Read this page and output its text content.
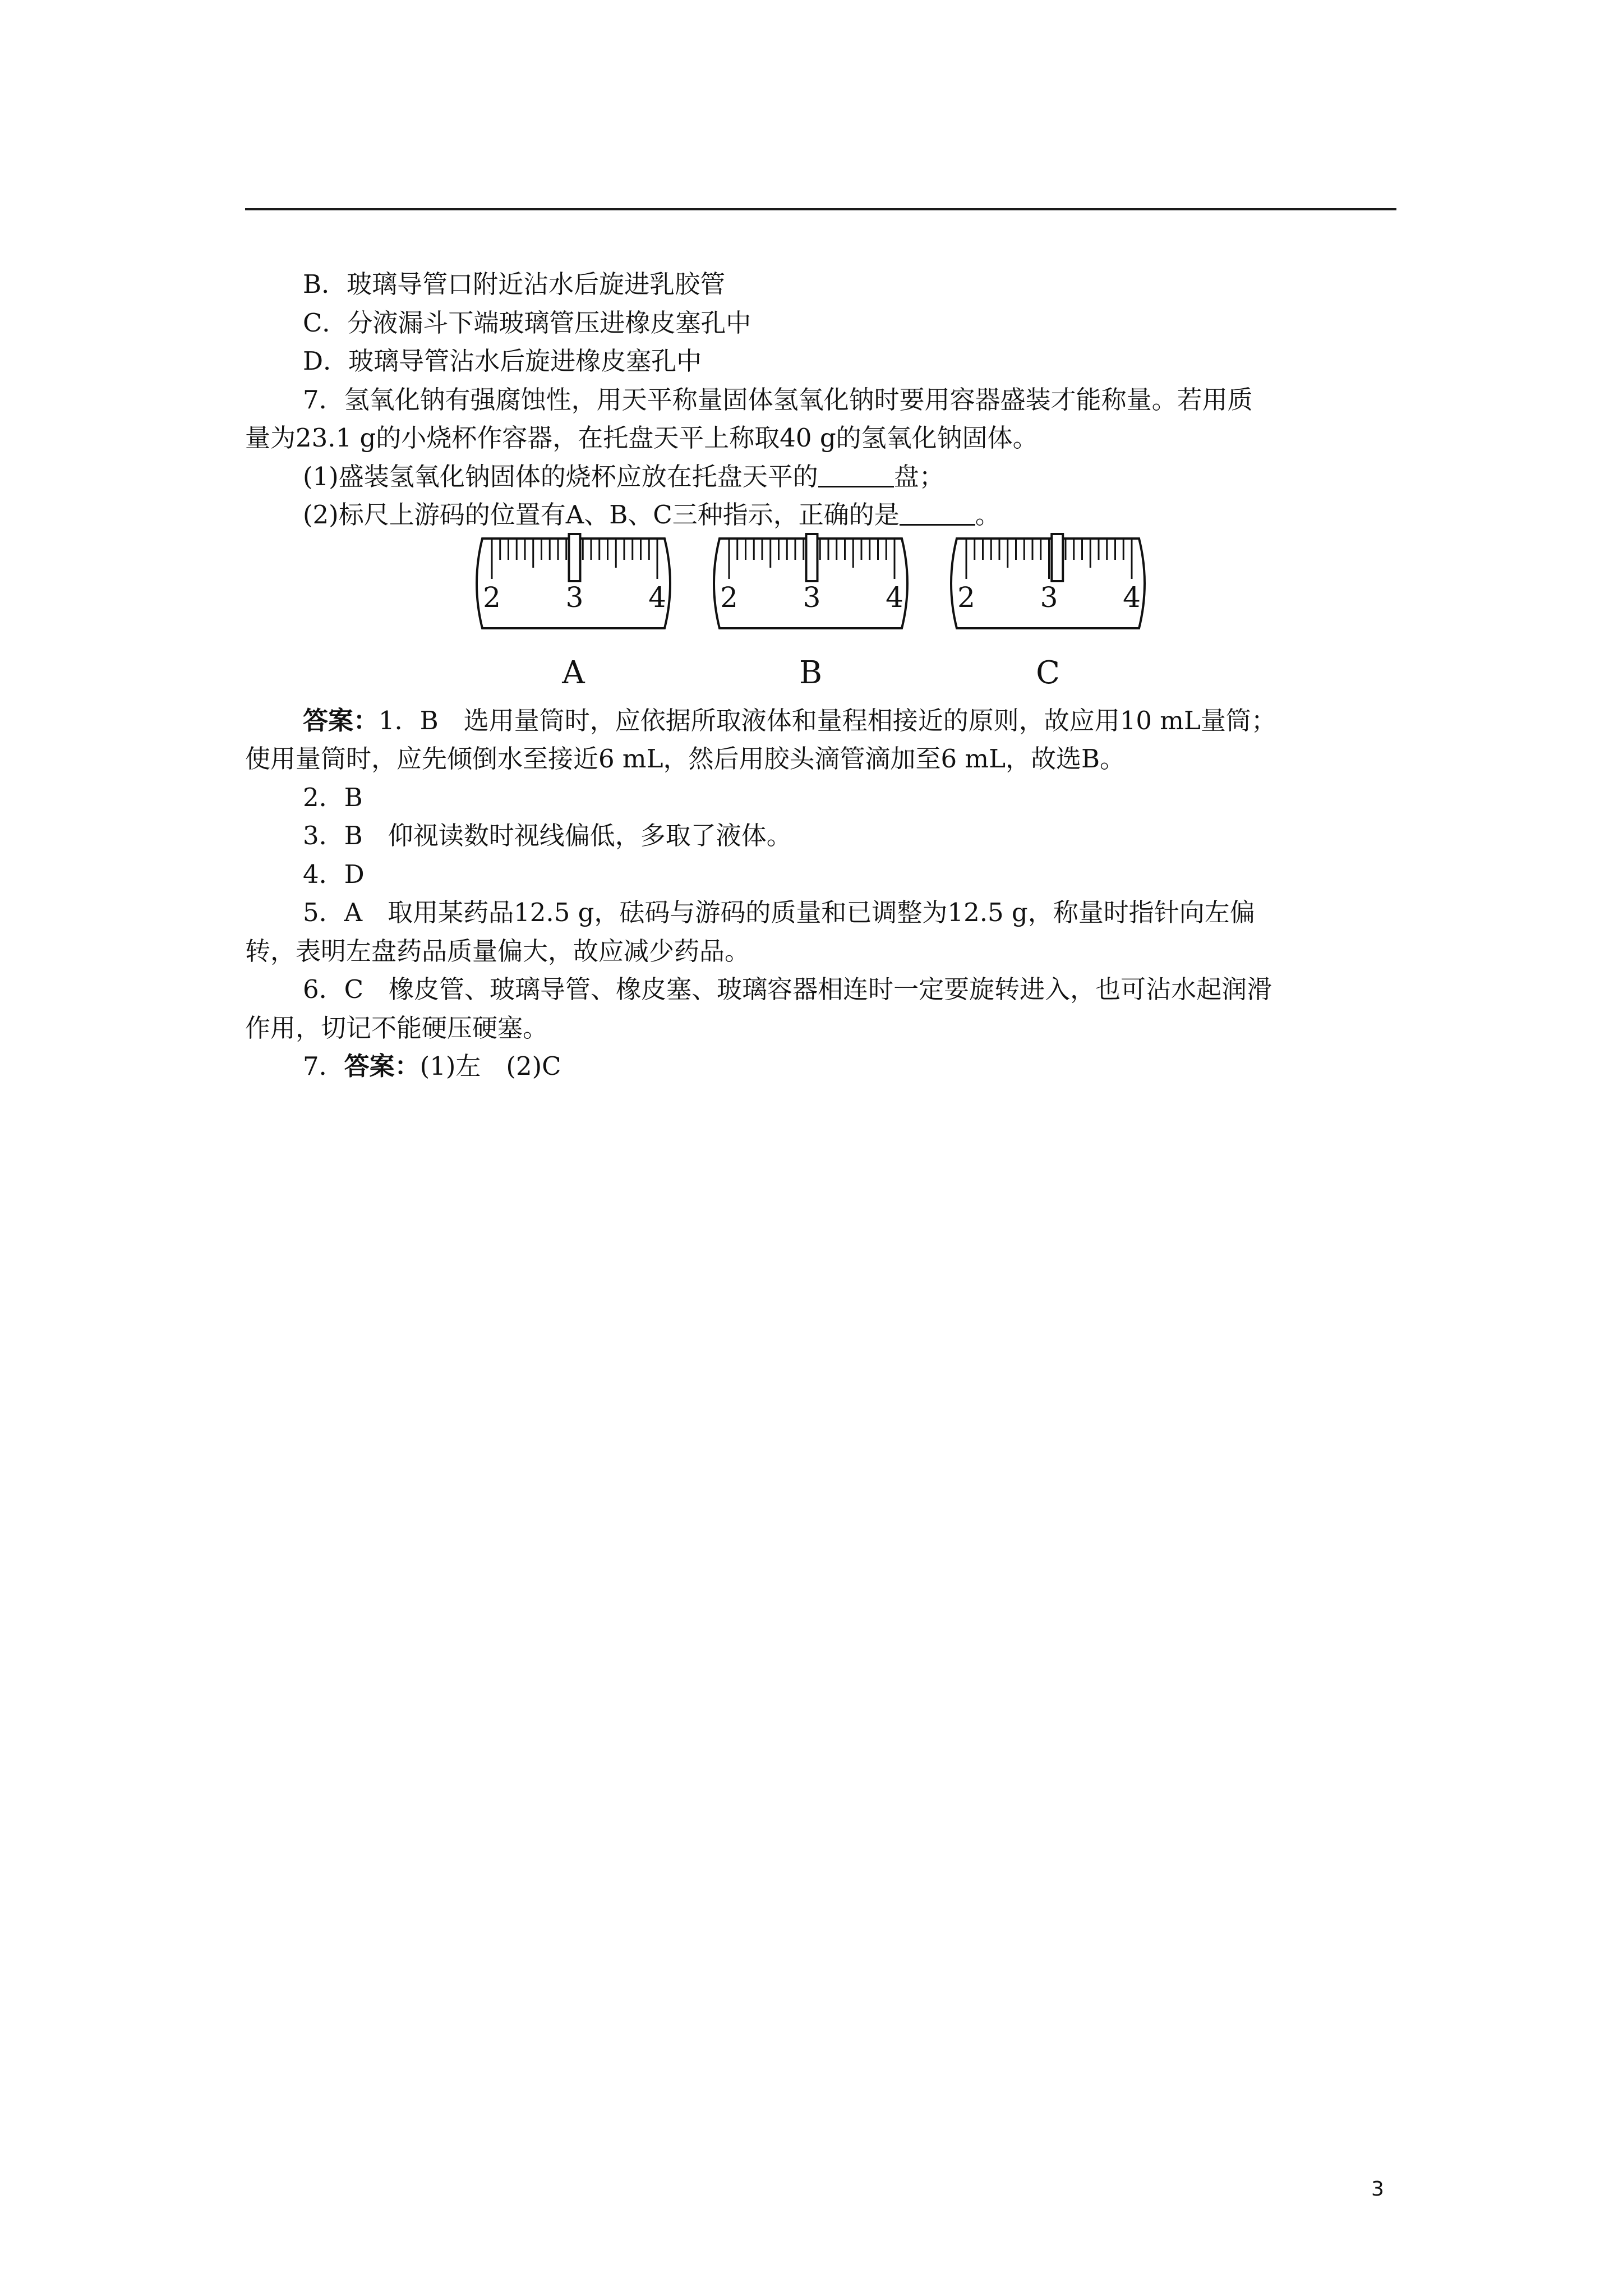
B．玻璃导管口附近沾水后旋进乳胶管
C．分液漏斗下端玻璃管压进橡皮塞孔中
D．玻璃导管沾水后旋进橡皮塞孔中
7．氢氧化钠有强腐蚀性，用天平称量固体氢氧化钠时要用容器盛装才能称量。若用质
量为23.1 g的小烧杯作容器，在托盘天平上称取40 g的氢氧化钠固体。
(1)盛装氢氧化钠固体的烧杯应放在托盘天平的	盘；
(2)标尺上游码的位置有A、B、C三种指示，正确的是	。
2 3 4
A
2 3 4
B
2 3 4
C
答案：1．B　选用量筒时，应依据所取液体和量程相接近的原则，故应用10 mL量筒；
使用量筒时，应先倾倒水至接近6 mL，然后用胶头滴管滴加至6 mL，故选B。
2．B
3．B　仰视读数时视线偏低，多取了液体。
4．D
5．A　取用某药品12.5 g，砝码与游码的质量和已调整为12.5 g，称量时指针向左偏
转，表明左盘药品质量偏大，故应减少药品。
6．C　橡皮管、玻璃导管、橡皮塞、玻璃容器相连时一定要旋转进入，也可沾水起润滑
作用，切记不能硬压硬塞。
7．答案：(1)左　(2)C
3
